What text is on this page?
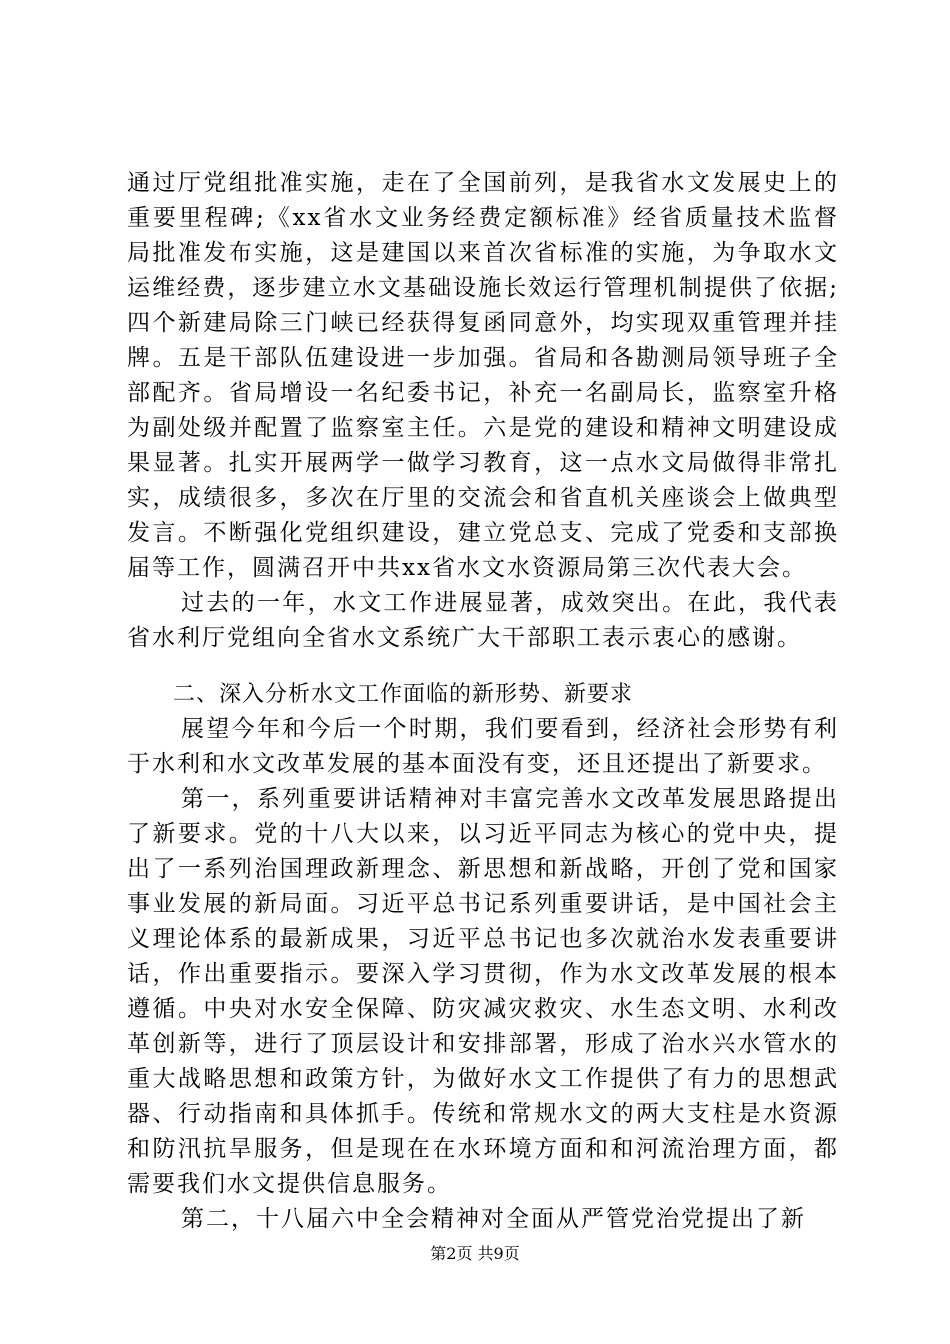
通过厅党组批准实施，走在了全国前列，是我省水文发展史上的重要里程碑;《xx省水文业务经费定额标准》经省质量技术监督局批准发布实施，这是建国以来首次省标准的实施，为争取水文运维经费，逐步建立水文基础设施长效运行管理机制提供了依据;四个新建局除三门峡已经获得复函同意外，均实现双重管理并挂牌。五是干部队伍建设进一步加强。省局和各勘测局领导班子全部配齐。省局增设一名纪委书记，补充一名副局长，监察室升格为副处级并配置了监察室主任。六是党的建设和精神文明建设成果显著。扎实开展两学一做学习教育，这一点水文局做得非常扎实，成绩很多，多次在厅里的交流会和省直机关座谈会上做典型发言。不断强化党组织建设，建立党总支、完成了党委和支部换届等工作，圆满召开中共xx省水文水资源局第三次代表大会。

过去的一年，水文工作进展显著，成效突出。在此，我代表省水利厅党组向全省水文系统广大干部职工表示衷心的感谢。

二、深入分析水文工作面临的新形势、新要求

展望今年和今后一个时期，我们要看到，经济社会形势有利于水利和水文改革发展的基本面没有变，还且还提出了新要求。

第一，系列重要讲话精神对丰富完善水文改革发展思路提出了新要求。党的十八大以来，以习近平同志为核心的党中央，提出了一系列治国理政新理念、新思想和新战略，开创了党和国家事业发展的新局面。习近平总书记系列重要讲话，是中国社会主义理论体系的最新成果，习近平总书记也多次就治水发表重要讲话，作出重要指示。要深入学习贯彻，作为水文改革发展的根本遵循。中央对水安全保障、防灾减灾救灾、水生态文明、水利改革创新等，进行了顶层设计和安排部署，形成了治水兴水管水的重大战略思想和政策方针，为做好水文工作提供了有力的思想武器、行动指南和具体抓手。传统和常规水文的两大支柱是水资源和防汛抗旱服务，但是现在在水环境方面和和河流治理方面，都需要我们水文提供信息服务。

第二，十八届六中全会精神对全面从严管党治党提出了新

第2页 共9页
